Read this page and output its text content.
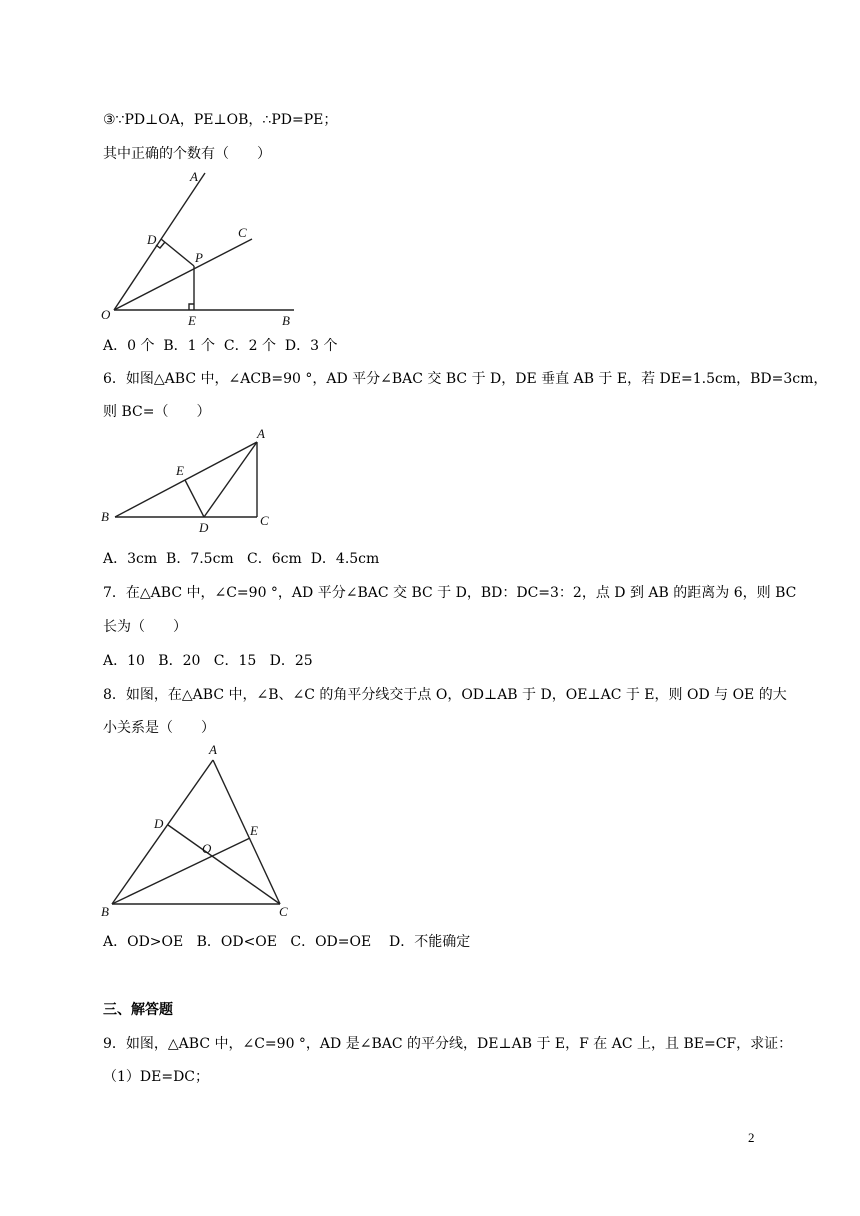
③∵PD⊥OA，PE⊥OB，∴PD=PE；
其中正确的个数有（　　）
A
C
D
P
O	E	B
A．0 个  B．1 个  C．2 个  D．3 个
6．如图△ABC 中，∠ACB=90 °，AD 平分∠BAC 交 BC 于 D，DE 垂直 AB 于 E，若 DE=1.5cm，BD=3cm，
则 BC=（　　）
A
E
B
D	C
A．3cm  B．7.5cm   C．6cm  D．4.5cm
7．在△ABC 中，∠C=90 °，AD 平分∠BAC 交 BC 于 D，BD：DC=3：2，点 D 到 AB 的距离为 6，则 BC
长为（　　）
A．10   B．20   C．15   D．25
8．如图，在△ABC 中，∠B、∠C 的角平分线交于点 O，OD⊥AB 于 D，OE⊥AC 于 E，则 OD 与 OE 的大
小关系是（　　）
A
D	E
O
B	C
A．OD>OE   B．OD<OE   C．OD=OE    D．不能确定
三、解答题
9．如图，△ABC 中，∠C=90 °，AD 是∠BAC 的平分线，DE⊥AB 于 E，F 在 AC 上，且 BE=CF，求证：
（1）DE=DC；
2
